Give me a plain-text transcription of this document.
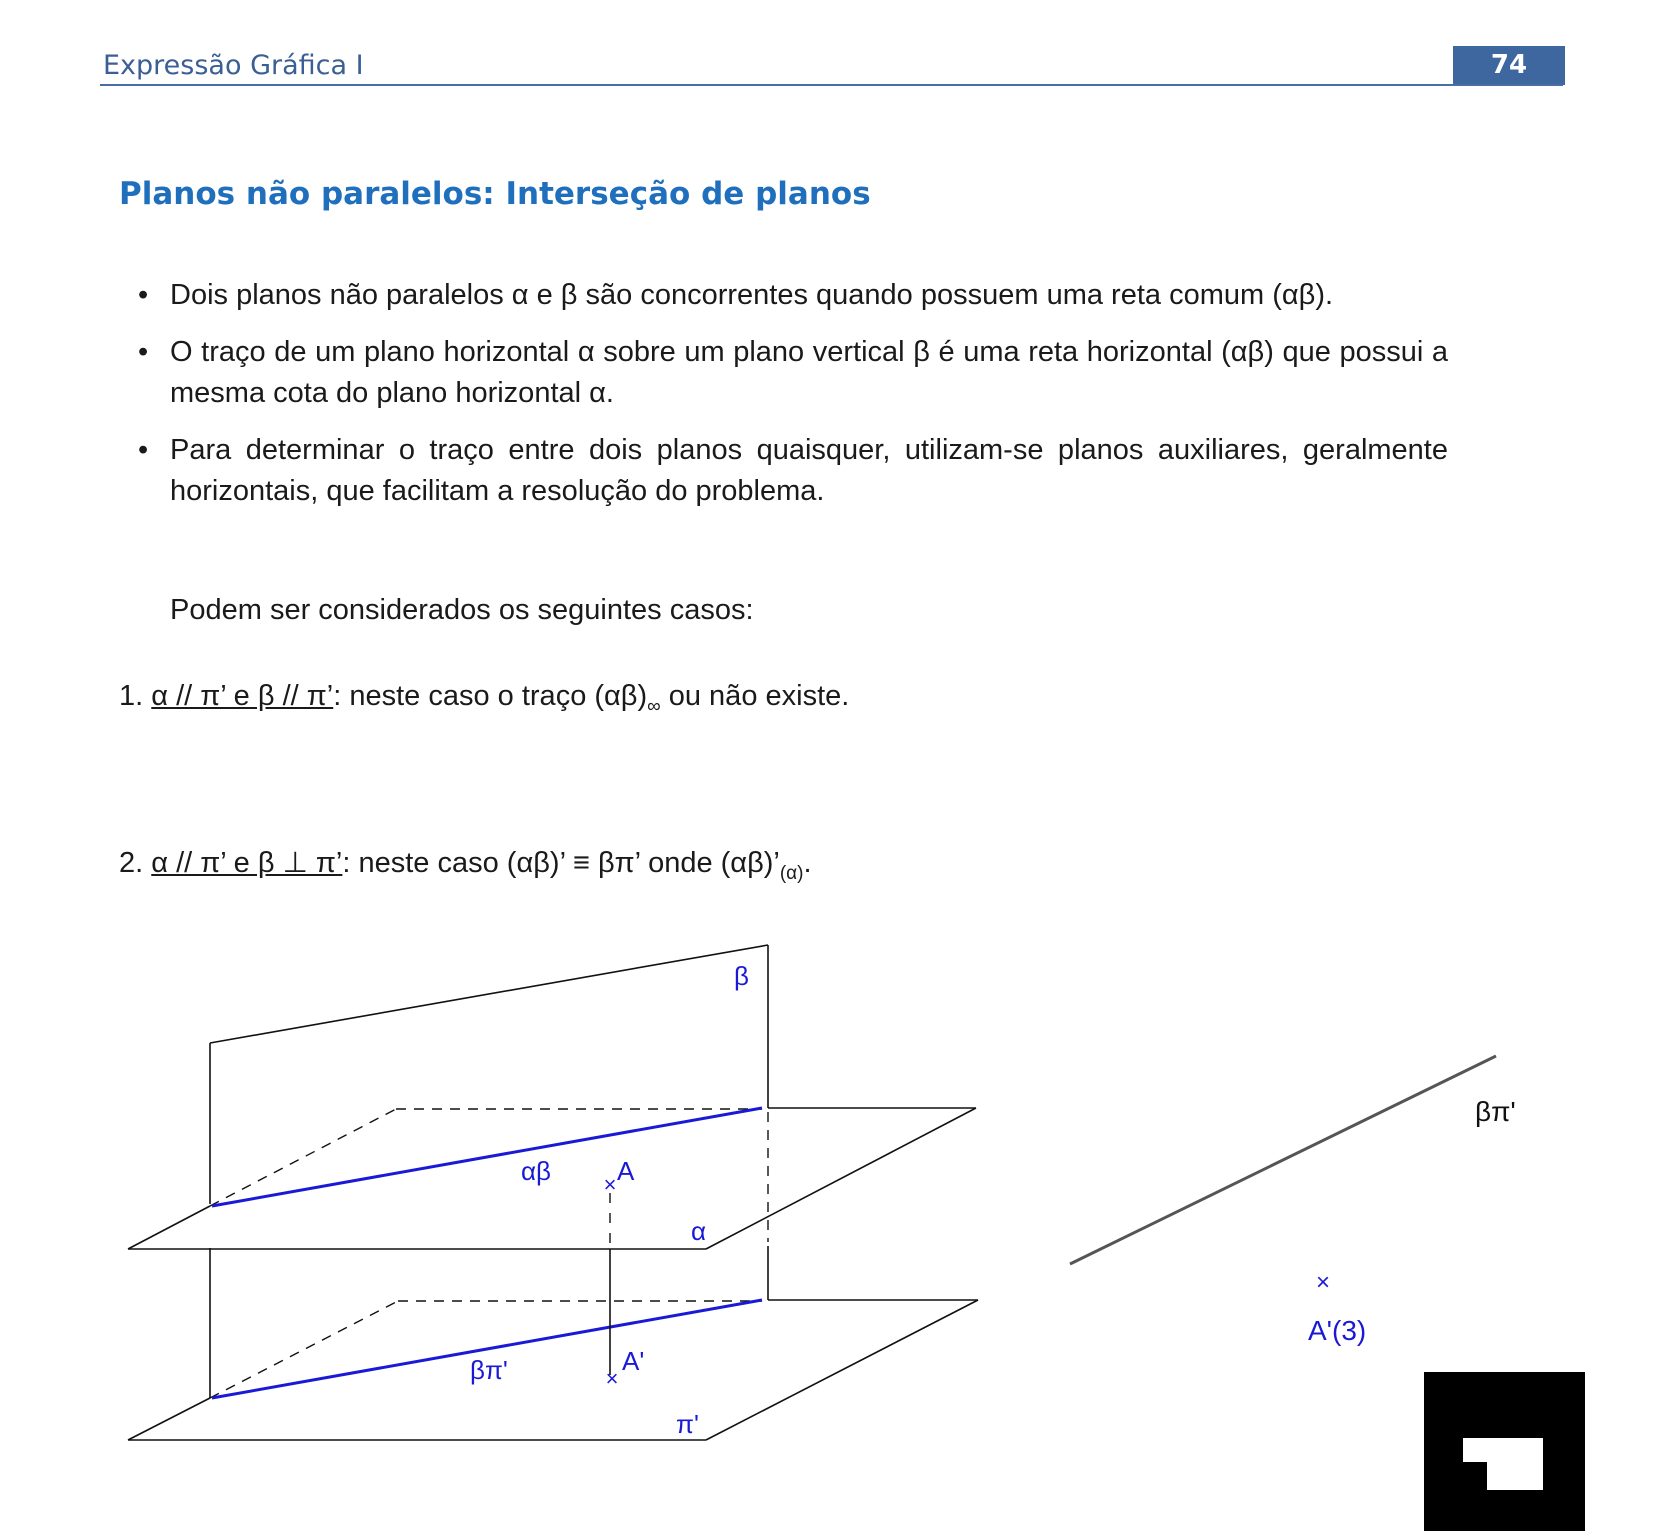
Expressão Gráfica I	74
Planos não paralelos: Interseção de planos
• Dois planos não paralelos α e β são concorrentes quando possuem uma reta comum (αβ).
• O traço de um plano horizontal α sobre um plano vertical β é uma reta horizontal (αβ) que possui a mesma cota do plano horizontal α.
• Para determinar o traço entre dois planos quaisquer, utilizam-se planos auxiliares, geralmente horizontais, que facilitam a resolução do problema.
Podem ser considerados os seguintes casos:
1. α // π’ e β // π’: neste caso o traço $(\alpha\beta)_\infty$ ou não existe.
2. α // π’ e β ⊥ π’: neste caso (αβ)’ ≡ βπ’ onde $(\alpha\beta)’_{(\alpha)}$.
×
×
β
αβ	A
α
βπ'	A'
π'
βπ'
×
A'(3)
